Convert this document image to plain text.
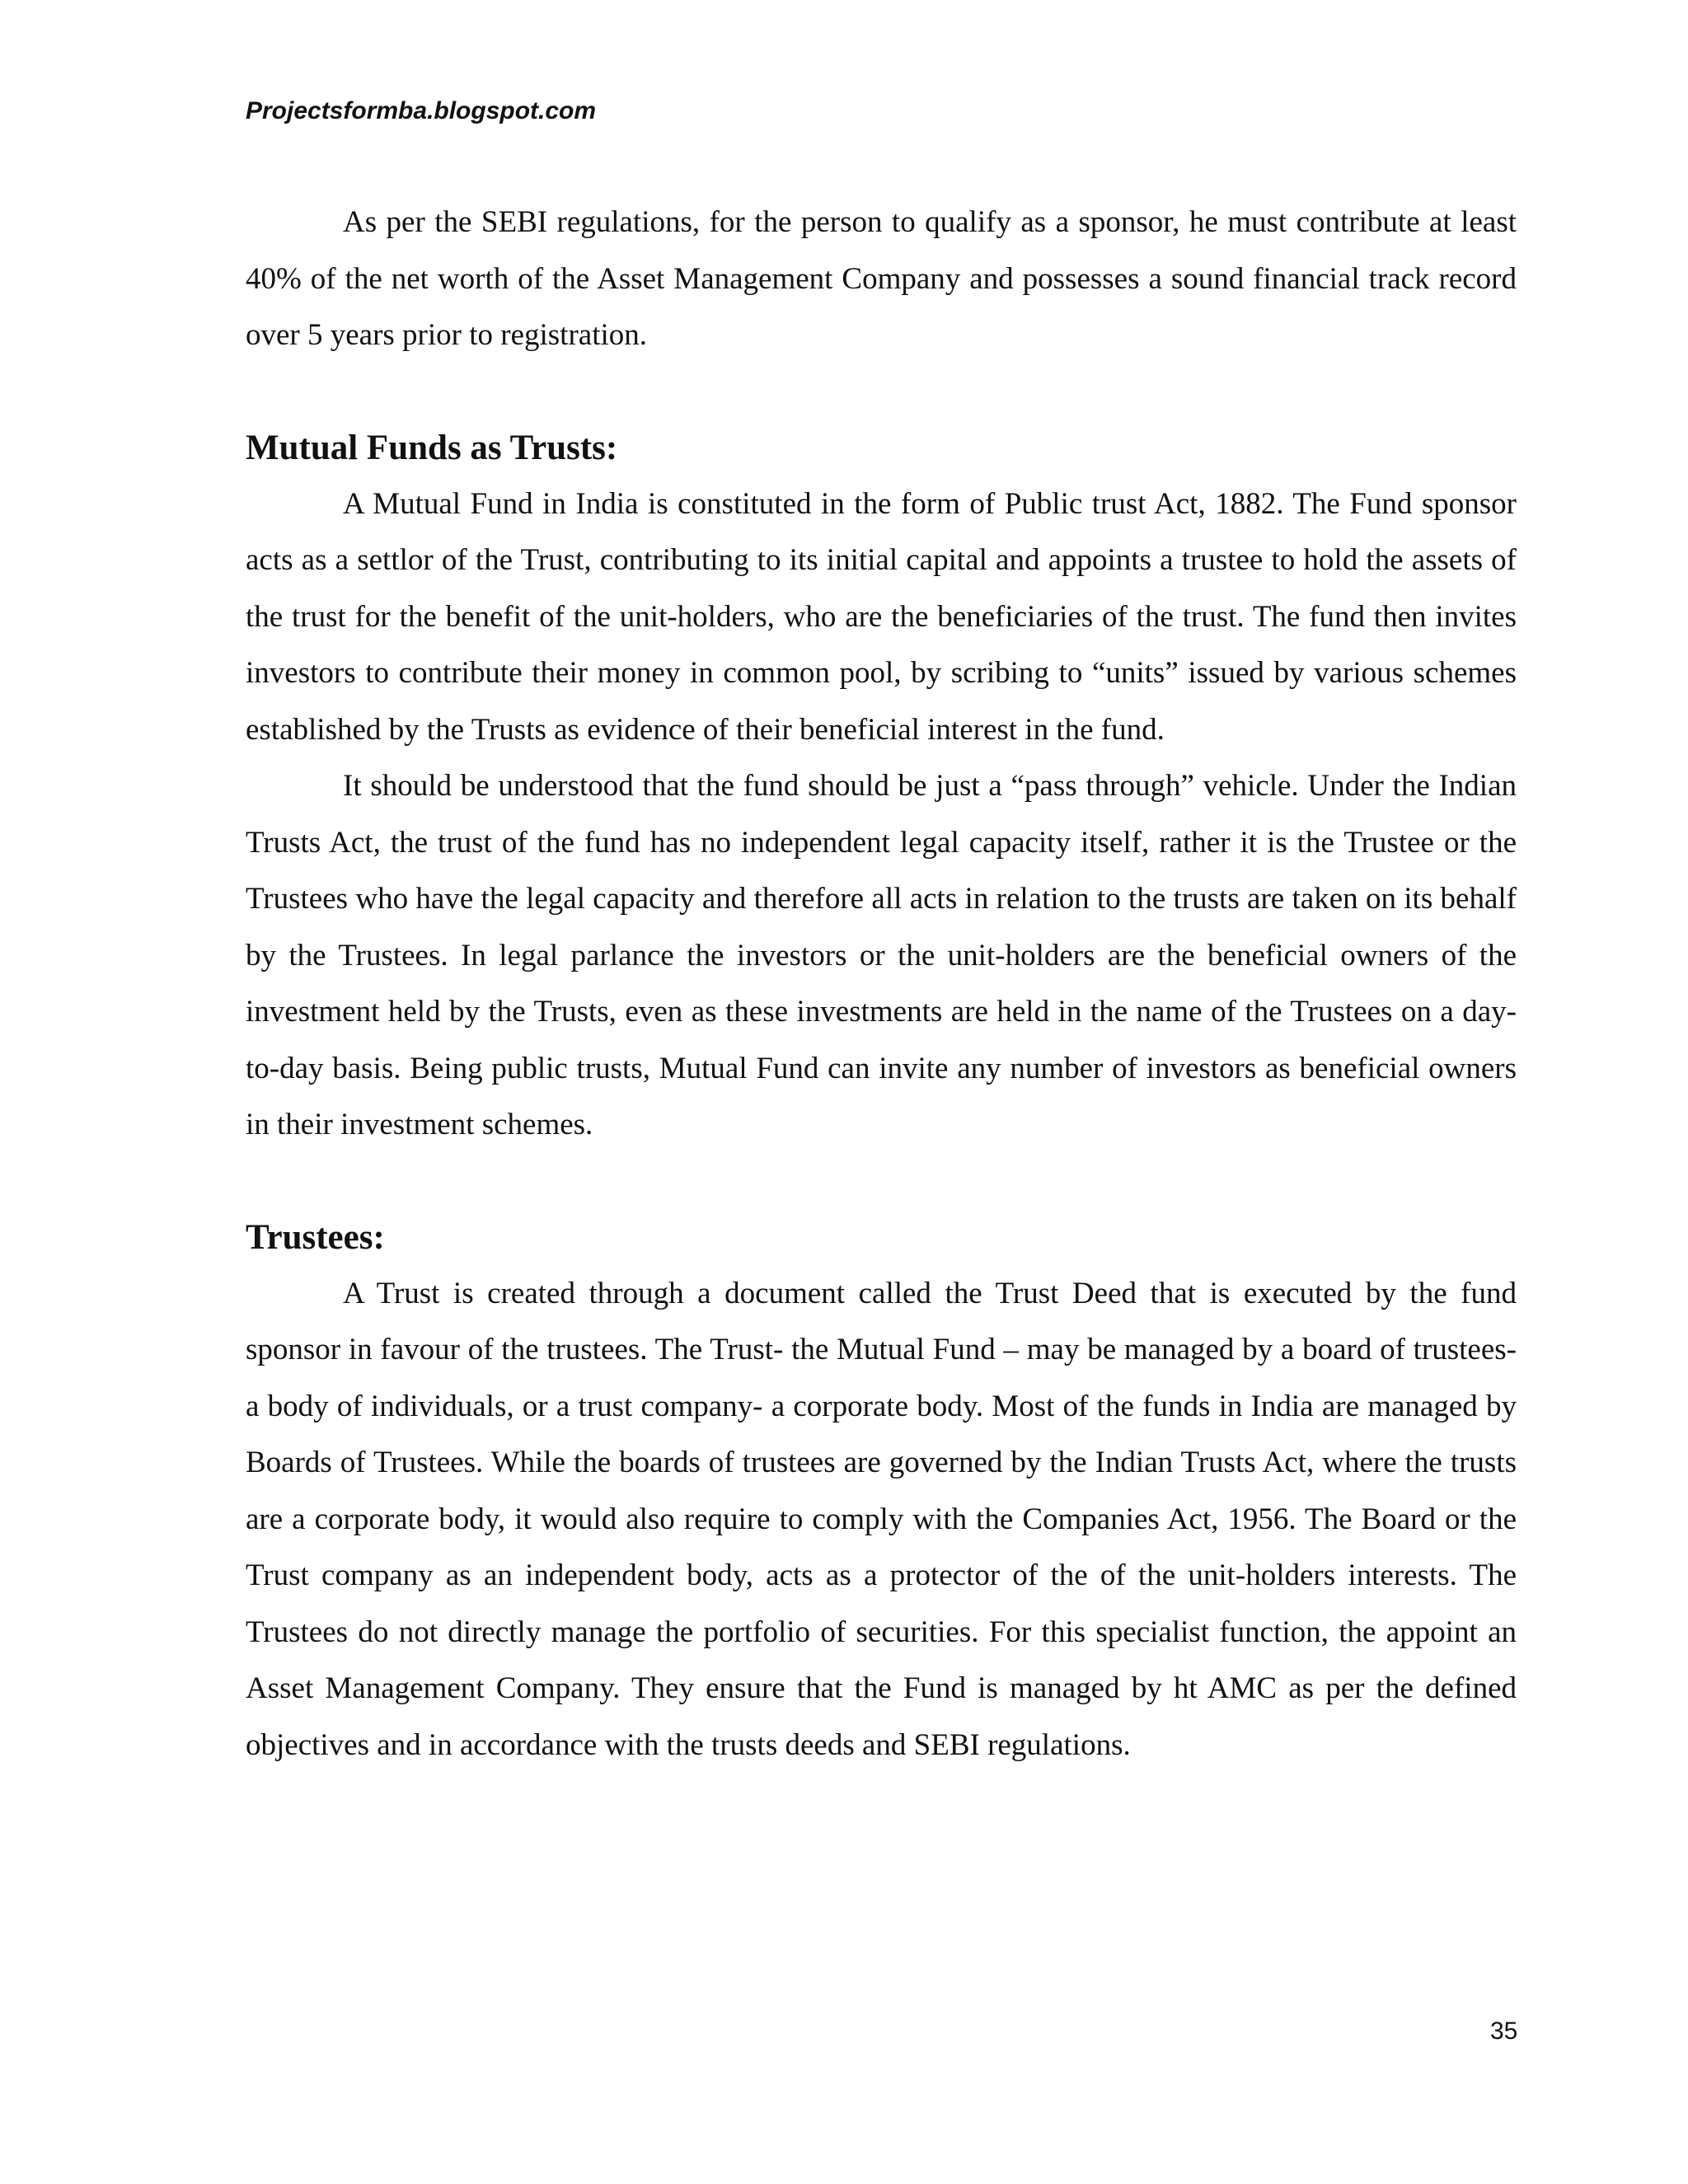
Projectsformba.blogspot.com

As per the SEBI regulations, for the person to qualify as a sponsor, he must contribute at least 40% of the net worth of the Asset Management Company and possesses a sound financial track record over 5 years prior to registration.

Mutual Funds as Trusts:

A Mutual Fund in India is constituted in the form of Public trust Act, 1882. The Fund sponsor acts as a settlor of the Trust, contributing to its initial capital and appoints a trustee to hold the assets of the trust for the benefit of the unit-holders, who are the beneficiaries of the trust. The fund then invites investors to contribute their money in common pool, by scribing to “units” issued by various schemes established by the Trusts as evidence of their beneficial interest in the fund.

It should be understood that the fund should be just a “pass through” vehicle. Under the Indian Trusts Act, the trust of the fund has no independent legal capacity itself, rather it is the Trustee or the Trustees who have the legal capacity and therefore all acts in relation to the trusts are taken on its behalf by the Trustees. In legal parlance the investors or the unit-holders are the beneficial owners of the investment held by the Trusts, even as these investments are held in the name of the Trustees on a day-to-day basis. Being public trusts, Mutual Fund can invite any number of investors as beneficial owners in their investment schemes.

Trustees:

A Trust is created through a document called the Trust Deed that is executed by the fund sponsor in favour of the trustees. The Trust- the Mutual Fund – may be managed by a board of trustees- a body of individuals, or a trust company- a corporate body. Most of the funds in India are managed by Boards of Trustees. While the boards of trustees are governed by the Indian Trusts Act, where the trusts are a corporate body, it would also require to comply with the Companies Act, 1956. The Board or the Trust company as an independent body, acts as a protector of the of the unit-holders interests. The Trustees do not directly manage the portfolio of securities. For this specialist function, the appoint an Asset Management Company. They ensure that the Fund is managed by ht AMC as per the defined objectives and in accordance with the trusts deeds and SEBI regulations.

35
